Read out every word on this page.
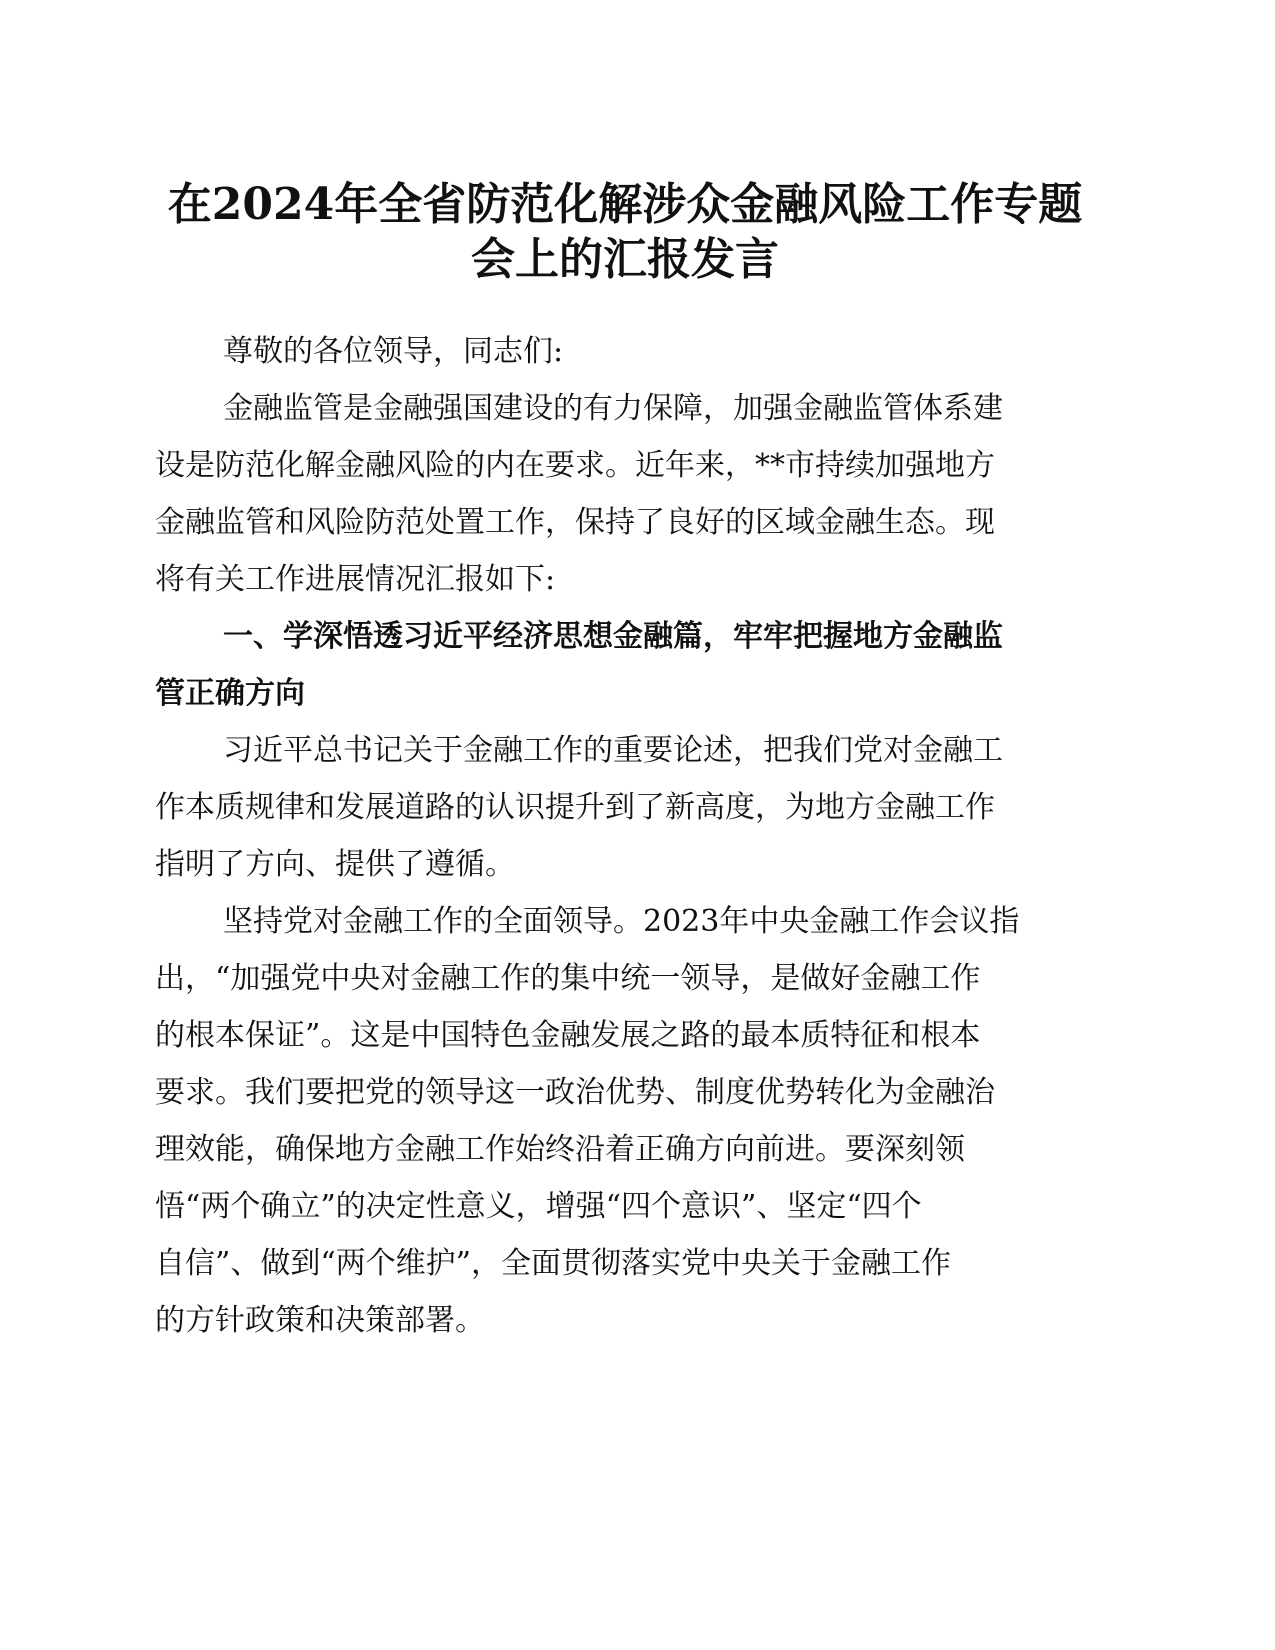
在2024年全省防范化解涉众金融风险工作专题
会上的汇报发言
尊敬的各位领导，同志们:
金融监管是金融强国建设的有力保障，加强金融监管体系建
设是防范化解金融风险的内在要求。近年来，**市持续加强地方
金融监管和风险防范处置工作，保持了良好的区域金融生态。现
将有关工作进展情况汇报如下:
一、学深悟透习近平经济思想金融篇，牢牢把握地方金融监
管正确方向
习近平总书记关于金融工作的重要论述，把我们党对金融工
作本质规律和发展道路的认识提升到了新高度，为地方金融工作
指明了方向、提供了遵循。
坚持党对金融工作的全面领导。2023年中央金融工作会议指
出，“加强党中央对金融工作的集中统一领导，是做好金融工作
的根本保证”。这是中国特色金融发展之路的最本质特征和根本
要求。我们要把党的领导这一政治优势、制度优势转化为金融治
理效能，确保地方金融工作始终沿着正确方向前进。要深刻领
悟“两个确立”的决定性意义，增强“四个意识”、坚定“四个
自信”、做到“两个维护”，全面贯彻落实党中央关于金融工作
的方针政策和决策部署。
